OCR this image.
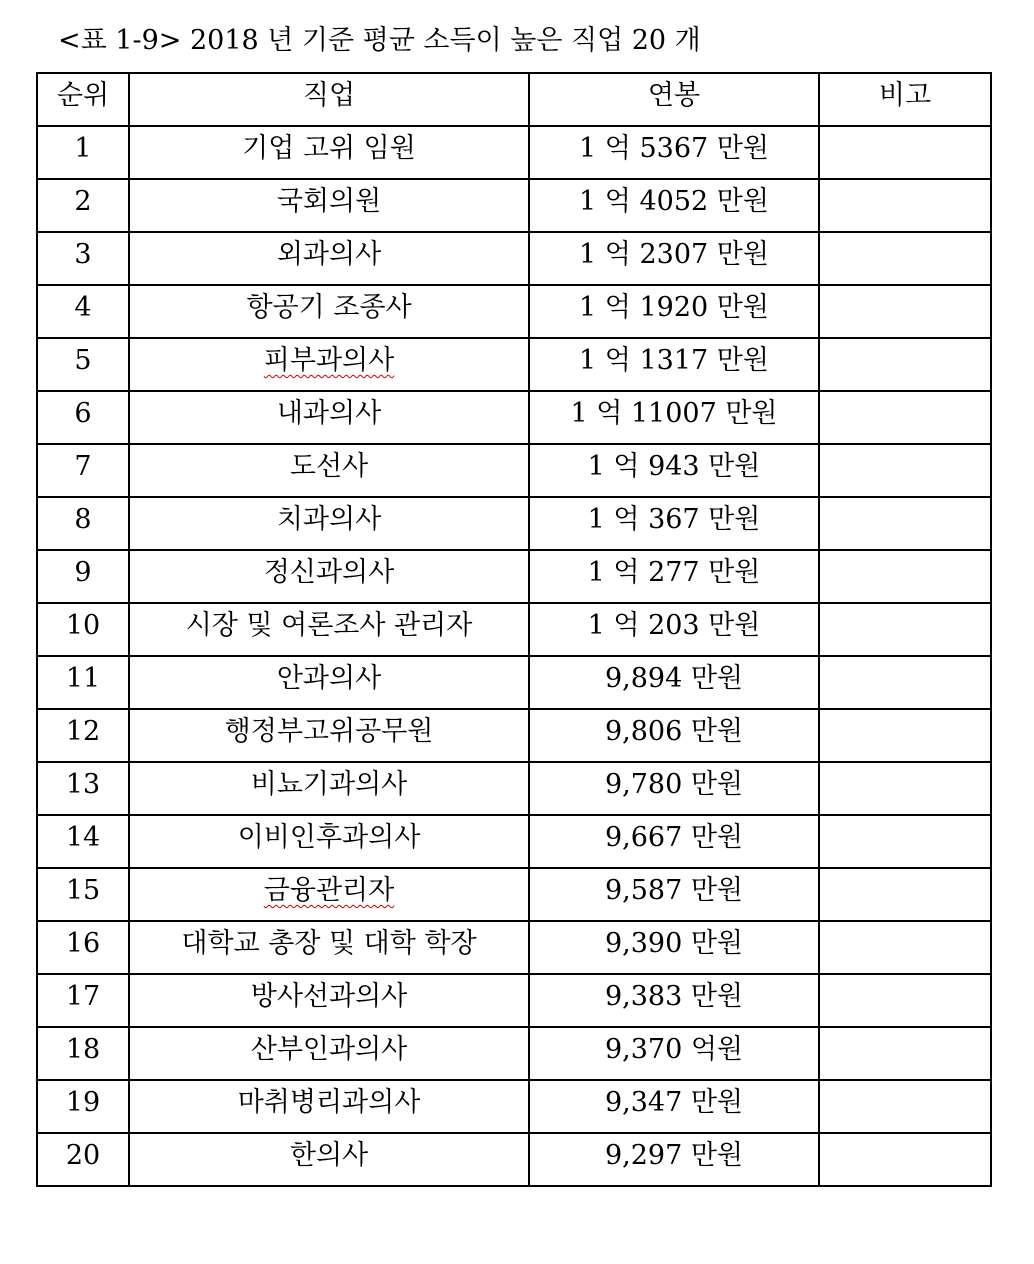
<표 1-9> 2018 년 기준 평균 소득이 높은 직업 20 개
순위	직업	연봉	비고
1	기업 고위 임원	1 억 5367 만원	
2	국회의원	1 억 4052 만원	
3	외과의사	1 억 2307 만원	
4	항공기 조종사	1 억 1920 만원	
5	피부과의사	1 억 1317 만원	
6	내과의사	1 억 11007 만원	
7	도선사	1 억 943 만원	
8	치과의사	1 억 367 만원	
9	정신과의사	1 억 277 만원	
10	시장 및 여론조사 관리자	1 억 203 만원	
11	안과의사	9,894 만원	
12	행정부고위공무원	9,806 만원	
13	비뇨기과의사	9,780 만원	
14	이비인후과의사	9,667 만원	
15	금융관리자	9,587 만원	
16	대학교 총장 및 대학 학장	9,390 만원	
17	방사선과의사	9,383 만원	
18	산부인과의사	9,370 억원	
19	마취병리과의사	9,347 만원	
20	한의사	9,297 만원	
